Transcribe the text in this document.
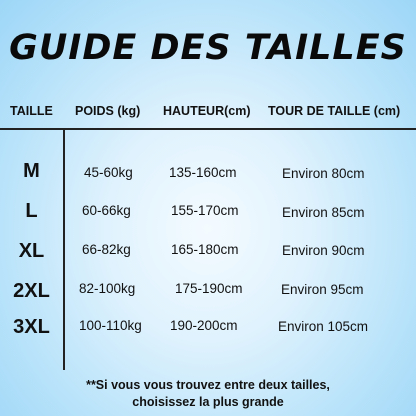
GUIDE DES TAILLES
TAILLE POIDS (kg) HAUTEUR(cm) TOUR DE TAILLE (cm)
M	45-60kg	135-160cm	Environ 80cm
L	60-66kg	155-170cm	Environ 85cm
XL	66-82kg	165-180cm	Environ 90cm
2XL	82-100kg	175-190cm	Environ 95cm
3XL	100-110kg 190-200cm	Environ 105cm
**Si vous vous trouvez entre deux tailles,
choisissez la plus grande
